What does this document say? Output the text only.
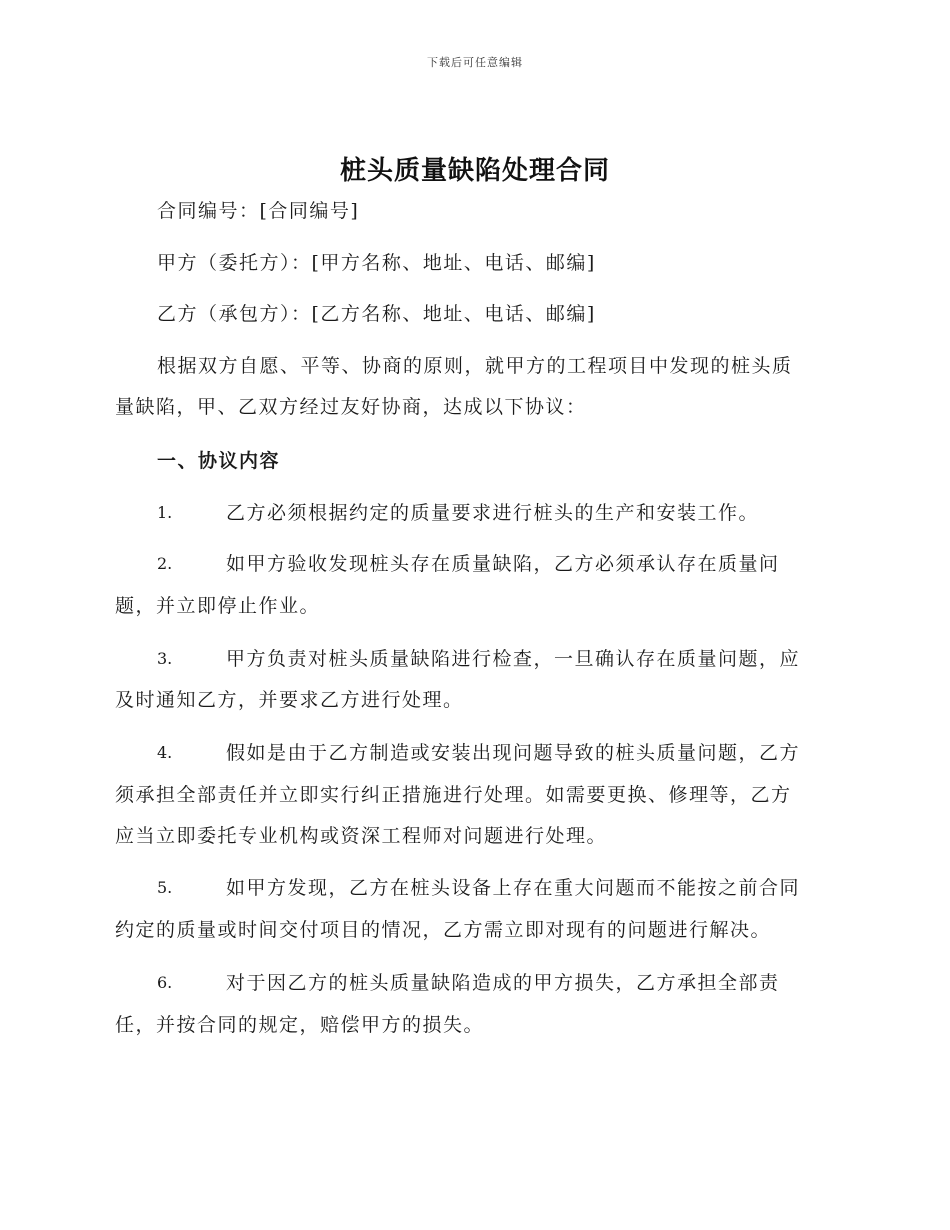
下载后可任意编辑
桩头质量缺陷处理合同
合同编号：[合同编号]
甲方（委托方）：[甲方名称、地址、电话、邮编]
乙方（承包方）：[乙方名称、地址、电话、邮编]
根据双方自愿、平等、协商的原则，就甲方的工程项目中发现的桩头质
量缺陷，甲、乙双方经过友好协商，达成以下协议：
一、协议内容
1.	乙方必须根据约定的质量要求进行桩头的生产和安装工作。
2.	如甲方验收发现桩头存在质量缺陷，乙方必须承认存在质量问
题，并立即停止作业。
3.	甲方负责对桩头质量缺陷进行检查，一旦确认存在质量问题，应
及时通知乙方，并要求乙方进行处理。
4.	假如是由于乙方制造或安装出现问题导致的桩头质量问题，乙方
须承担全部责任并立即实行纠正措施进行处理。如需要更换、修理等，乙方
应当立即委托专业机构或资深工程师对问题进行处理。
5.	如甲方发现，乙方在桩头设备上存在重大问题而不能按之前合同
约定的质量或时间交付项目的情况，乙方需立即对现有的问题进行解决。
6.	对于因乙方的桩头质量缺陷造成的甲方损失，乙方承担全部责
任，并按合同的规定，赔偿甲方的损失。
